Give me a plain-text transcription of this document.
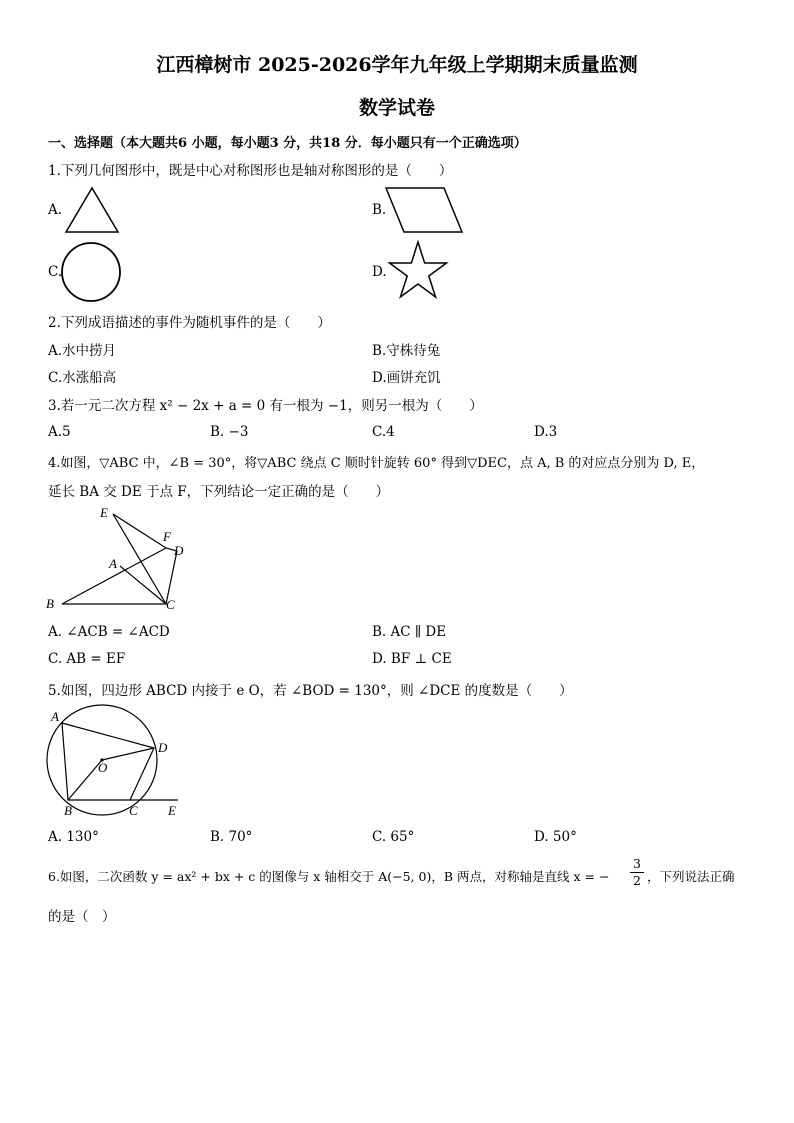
江西樟树市 2025-2026学年九年级上学期期末质量监测
数学试卷
一、选择题（本大题共6 小题，每小题3 分，共18 分．每小题只有一个正确选项）
1.下列几何图形中，既是中心对称图形也是轴对称图形的是（　　）
A.	B.
C.	D.
2.下列成语描述的事件为随机事件的是（　　）
A.水中捞月	B.守株待兔
C.水涨船高	D.画饼充饥
3.若一元二次方程 x² − 2x + a = 0 有一根为 −1，则另一根为（　　）
A.5	B. −3	C.4	D.3
4.如图，▽ABC 中，∠B = 30°，将▽ABC 绕点 C 顺时针旋转 60° 得到▽DEC，点 A, B 的对应点分别为 D, E，
延长 BA 交 DE 于点 F，下列结论一定正确的是（　　）
E
F
D
A
B	C
A. ∠ACB = ∠ACD	B. AC ∥ DE
C. AB = EF	D. BF ⊥ CE
5.如图，四边形 ABCD 内接于 e O，若 ∠BOD = 130°，则 ∠DCE 的度数是（　　）
A
D
O
B	C E
A. 130°	B. 70°	C. 65°	D. 50°
6.如图，二次函数 y = ax² + bx + c 的图像与 x 轴相交于 A(−5, 0)，B 两点，对称轴是直线 x = − $\frac{3}{2}$ ，下列说法正确
的是（　）
